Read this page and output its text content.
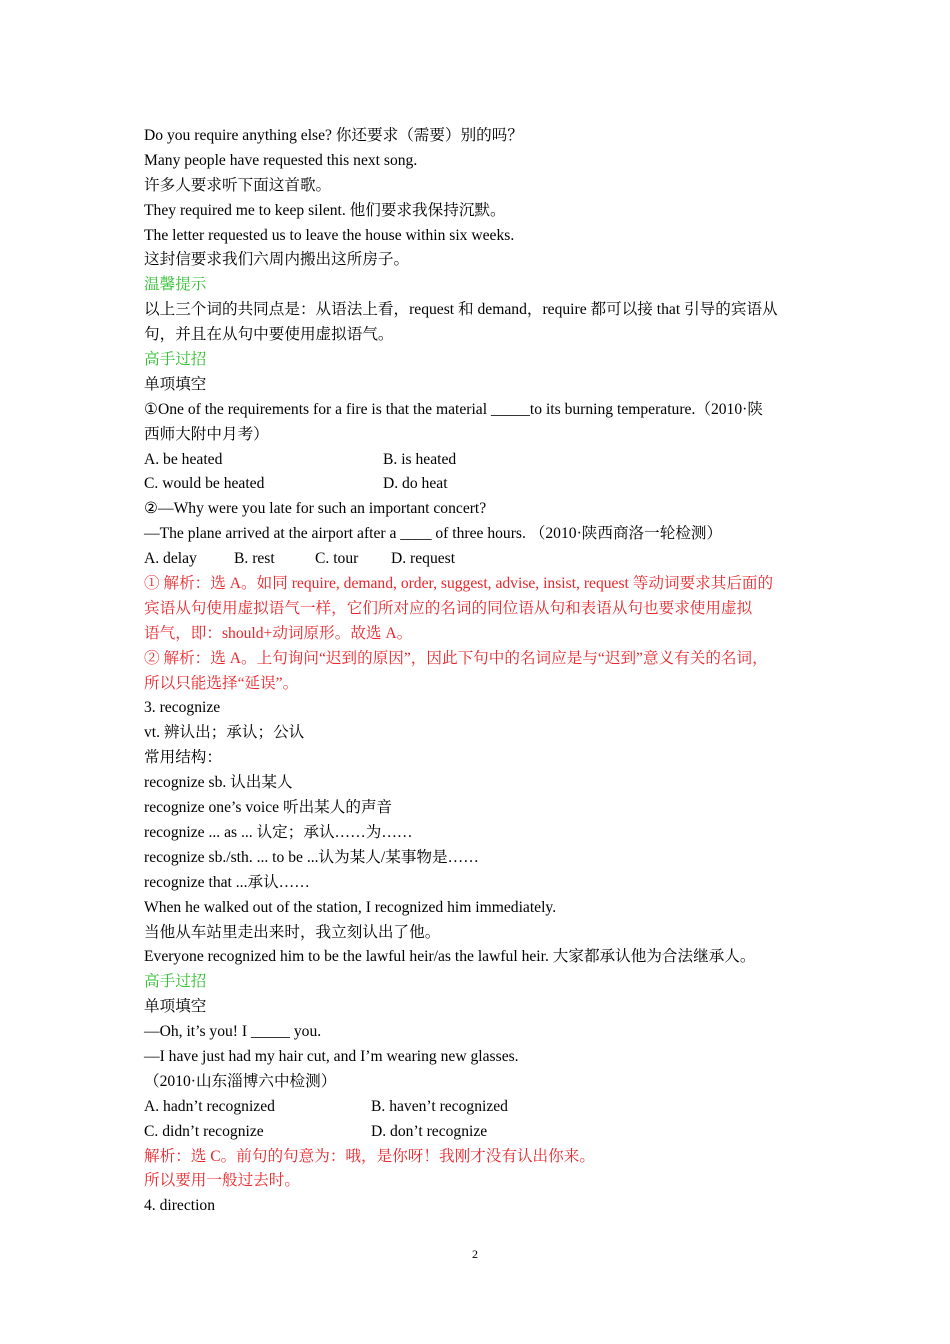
Do you require anything else? 你还要求（需要）别的吗？
Many people have requested this next song.
许多人要求听下面这首歌。
They required me to keep silent. 他们要求我保持沉默。
The letter requested us to leave the house within six weeks.
这封信要求我们六周内搬出这所房子。
温馨提示
以上三个词的共同点是：从语法上看，request 和 demand，require 都可以接 that 引导的宾语从
句，并且在从句中要使用虚拟语气。
高手过招
单项填空
①One of the requirements for a fire is that the material _____to its burning temperature.（2010·陕
西师大附中月考）
A. be heated	B. is heated
C. would be heated	D. do heat
②—Why were you late for such an important concert?
—The plane arrived at the airport after a ____ of three hours. （2010·陕西商洛一轮检测）
A. delay B. rest	C. tour D. request
① 解析：选 A。如同 require, demand, order, suggest, advise, insist, request 等动词要求其后面的
宾语从句使用虚拟语气一样，它们所对应的名词的同位语从句和表语从句也要求使用虚拟
语气，即：should+动词原形。故选 A。
② 解析：选 A。上句询问“迟到的原因”，因此下句中的名词应是与“迟到”意义有关的名词，
所以只能选择“延误”。
3. recognize
vt. 辨认出；承认；公认
常用结构：
recognize sb. 认出某人
recognize one’s voice 听出某人的声音
recognize ... as ... 认定；承认……为……
recognize sb./sth. ... to be ...认为某人/某事物是……
recognize that ...承认……
When he walked out of the station, I recognized him immediately.
当他从车站里走出来时，我立刻认出了他。
Everyone recognized him to be the lawful heir/as the lawful heir. 大家都承认他为合法继承人。
高手过招
单项填空
—Oh, it’s you! I _____ you.
—I have just had my hair cut, and I’m wearing new glasses.
（2010·山东淄博六中检测）
A. hadn’t recognized	B. haven’t recognized
C. didn’t recognize	D. don’t recognize
解析：选 C。前句的句意为：哦，是你呀！我刚才没有认出你来。
所以要用一般过去时。
4. direction
2
